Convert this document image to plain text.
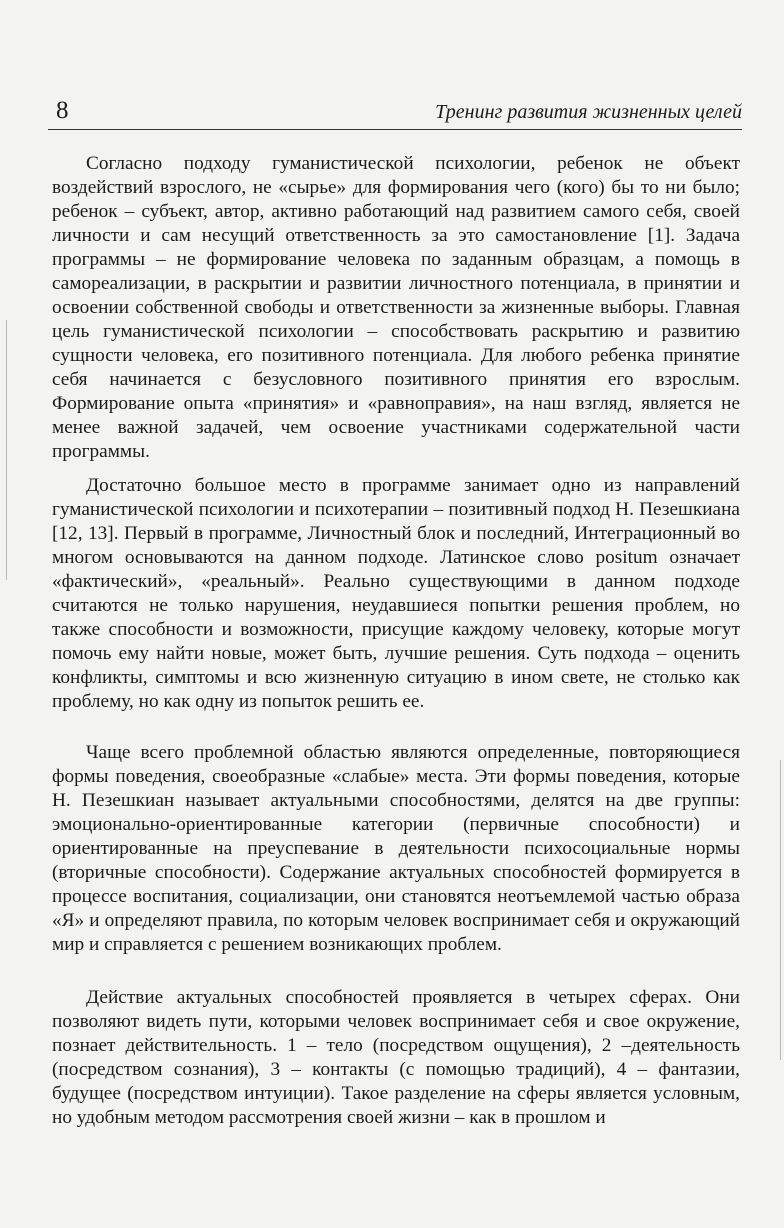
8	Тренинг развития жизненных целей

Согласно подходу гуманистической психологии, ребенок не объект воздействий взрослого, не «сырье» для формирования чего (кого) бы то ни было; ребенок – субъект, автор, активно работающий над развитием самого себя, своей личности и сам несущий ответственность за это самостановление [1]. Задача программы – не формирование человека по заданным образцам, а помощь в самореализации, в раскрытии и развитии личностного потенциала, в принятии и освоении собственной свободы и ответственности за жизненные выборы. Главная цель гуманистической психологии – способствовать раскрытию и развитию сущности человека, его позитивного потенциала. Для любого ребенка принятие себя начинается с безусловного позитивного принятия его взрослым. Формирование опыта «принятия» и «равноправия», на наш взгляд, является не менее важной задачей, чем освоение участниками содержательной части программы.

Достаточно большое место в программе занимает одно из направлений гуманистической психологии и психотерапии – позитивный подход Н. Пезешкиана [12, 13]. Первый в программе, Личностный блок и последний, Интеграционный во многом основываются на данном подходе. Латинское слово positum означает «фактический», «реальный». Реально существующими в данном подходе считаются не только нарушения, неудавшиеся попытки решения проблем, но также способности и возможности, присущие каждому человеку, которые могут помочь ему найти новые, может быть, лучшие решения. Суть подхода – оценить конфликты, симптомы и всю жизненную ситуацию в ином свете, не столько как проблему, но как одну из попыток решить ее.

Чаще всего проблемной областью являются определенные, повторяющиеся формы поведения, своеобразные «слабые» места. Эти формы поведения, которые Н. Пезешкиан называет актуальными способностями, делятся на две группы: эмоционально-ориентированные категории (первичные способности) и ориентированные на преуспевание в деятельности психосоциальные нормы (вторичные способности). Содержание актуальных способностей формируется в процессе воспитания, социализации, они становятся неотъемлемой частью образа «Я» и определяют правила, по которым человек воспринимает себя и окружающий мир и справляется с решением возникающих проблем.

Действие актуальных способностей проявляется в четырех сферах. Они позволяют видеть пути, которыми человек воспринимает себя и свое окружение, познает действительность. 1 – тело (посредством ощущения), 2 –деятельность (посредством сознания), 3 – контакты (с помощью традиций), 4 – фантазии, будущее (посредством интуиции). Такое разделение на сферы является условным, но удобным методом рассмотрения своей жизни – как в прошлом и
